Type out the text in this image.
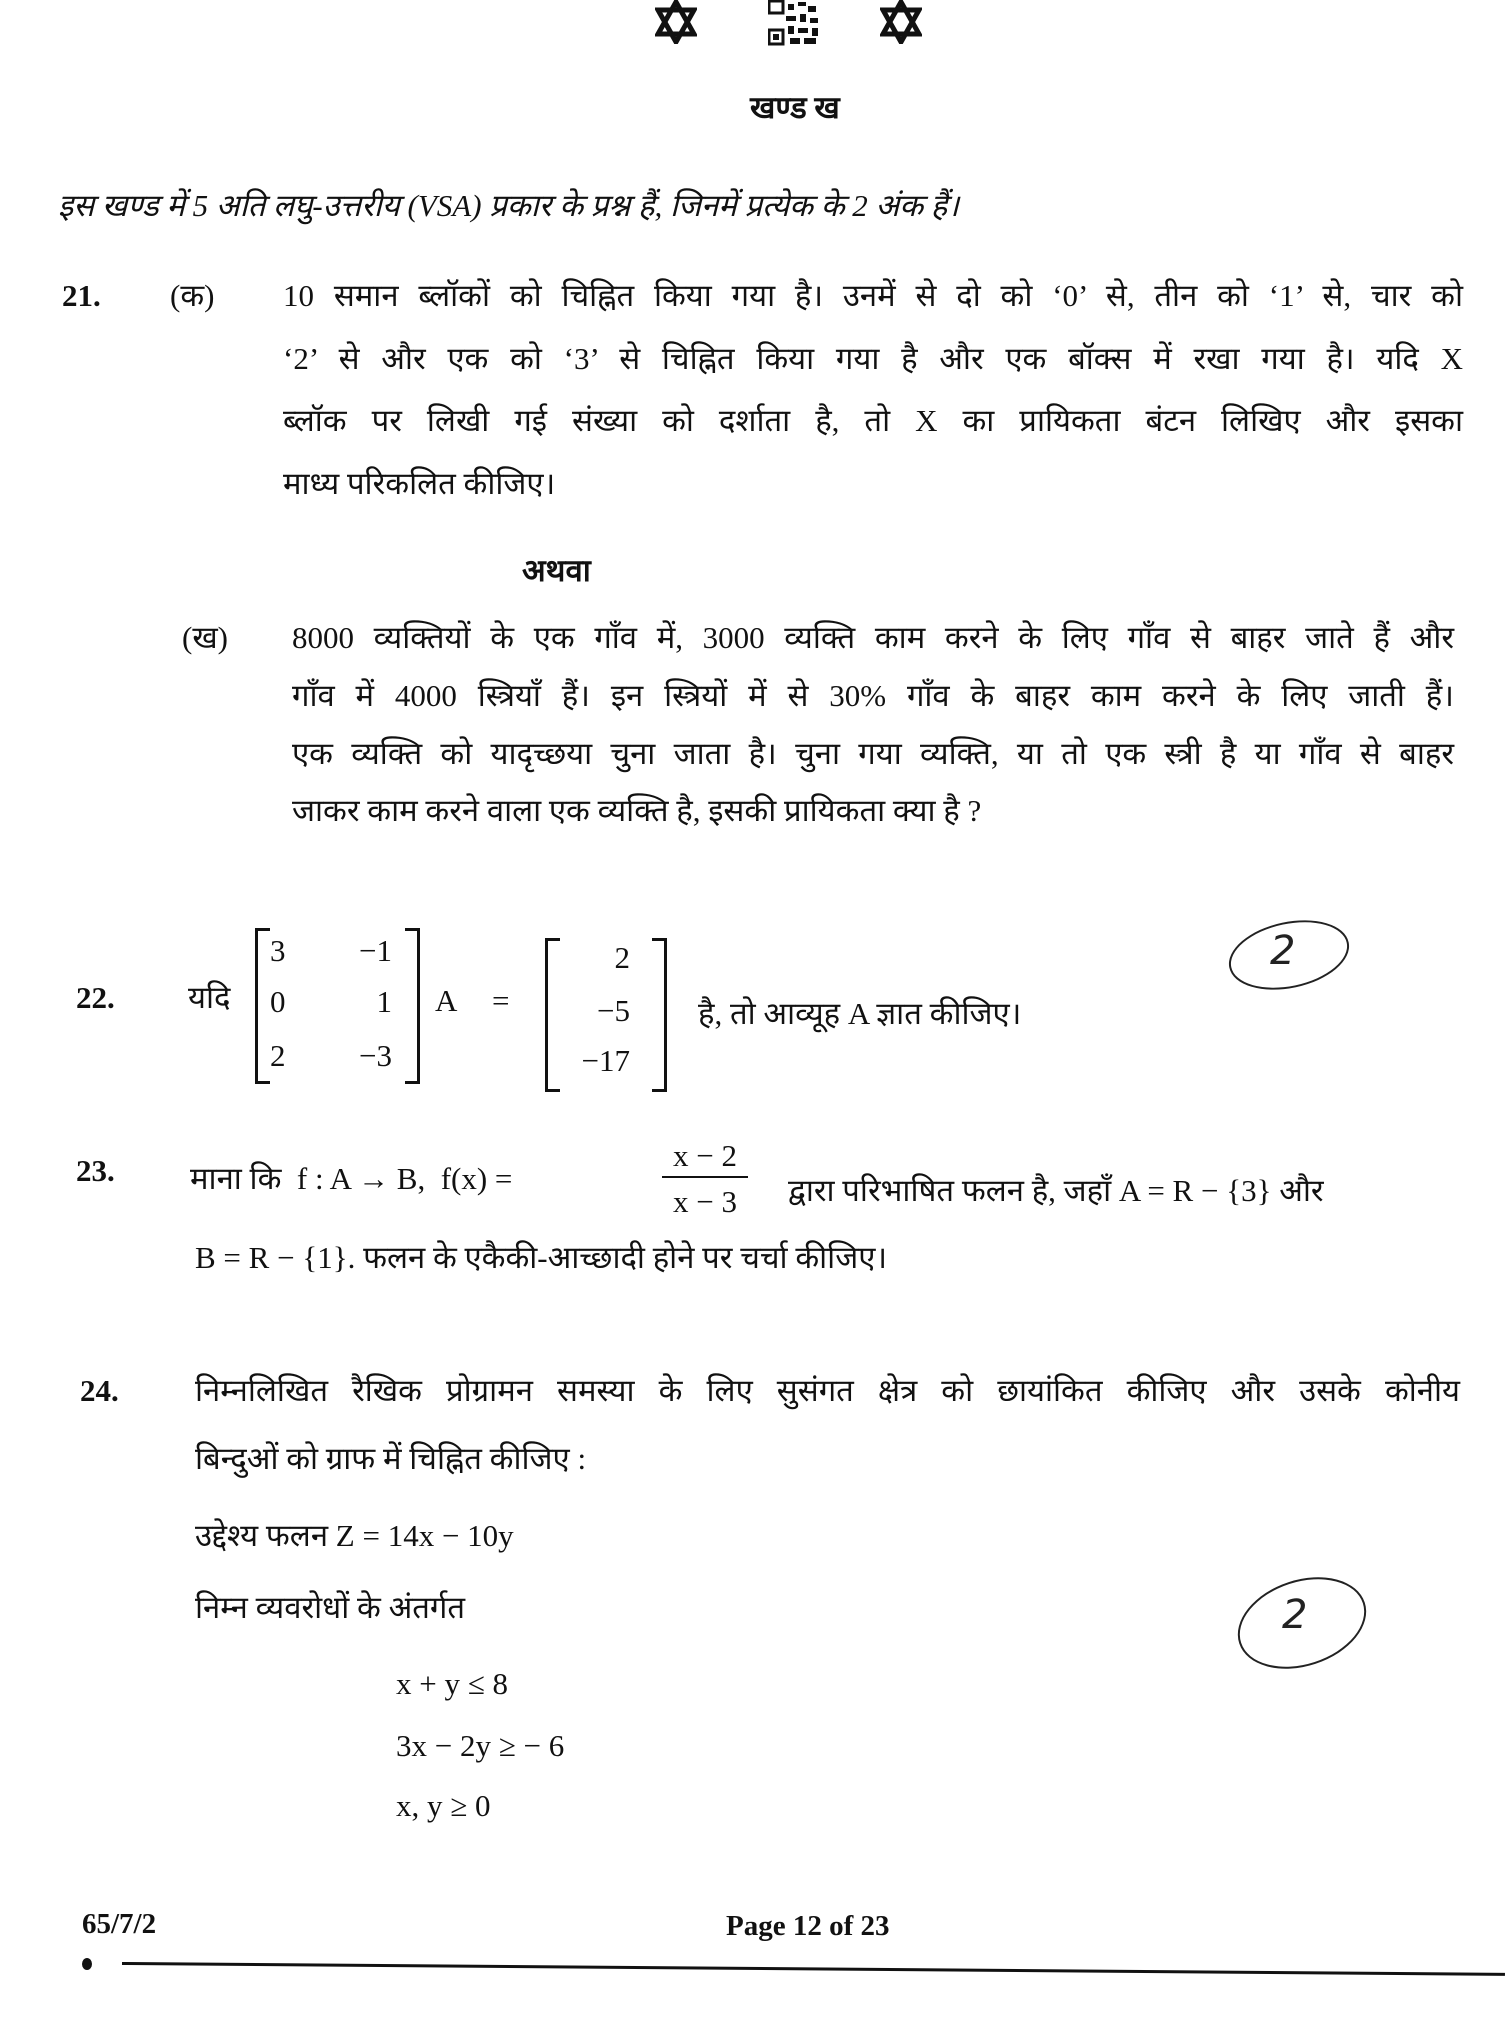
खण्ड ख
इस खण्ड में 5 अति लघु-उत्तरीय (VSA) प्रकार के प्रश्न हैं, जिनमें प्रत्येक के 2 अंक हैं।
21. (क) 10 समान ब्लॉकों को चिह्नित किया गया है। उनमें से दो को ‘0’ से, तीन को ‘1’ से, चार को
‘2’ से और एक को ‘3’ से चिह्नित किया गया है और एक बॉक्स में रखा गया है। यदि X
ब्लॉक पर लिखी गई संख्या को दर्शाता है, तो X का प्रायिकता बंटन लिखिए और इसका
माध्य परिकलित कीजिए।
अथवा
(ख) 8000 व्यक्तियों के एक गाँव में, 3000 व्यक्ति काम करने के लिए गाँव से बाहर जाते हैं और
गाँव में 4000 स्त्रियाँ हैं। इन स्त्रियों में से 30% गाँव के बाहर काम करने के लिए जाती हैं।
एक व्यक्ति को यादृच्छया चुना जाता है। चुना गया व्यक्ति, या तो एक स्त्री है या गाँव से बाहर
जाकर काम करने वाला एक व्यक्ति है, इसकी प्रायिकता क्या है ?
22. यदि
3	−1
0	1
2	−3
A =
2
−5
−17
है, तो आव्यूह A ज्ञात कीजिए।
2
23. माना कि  f : A → B,  f(x) =
x − 2
x − 3	द्वारा परिभाषित फलन है, जहाँ A = R − {3} और
B = R − {1}. फलन के एकैकी-आच्छादी होने पर चर्चा कीजिए।
24. निम्नलिखित रैखिक प्रोग्रामन समस्या के लिए सुसंगत क्षेत्र को छायांकित कीजिए और उसके कोनीय
बिन्दुओं को ग्राफ में चिह्नित कीजिए :
उद्देश्य फलन Z = 14x − 10y
निम्न व्यवरोधों के अंतर्गत
x + y ≤ 8
3x − 2y ≥ − 6
x, y ≥ 0
2
65/7/2	Page 12 of 23
